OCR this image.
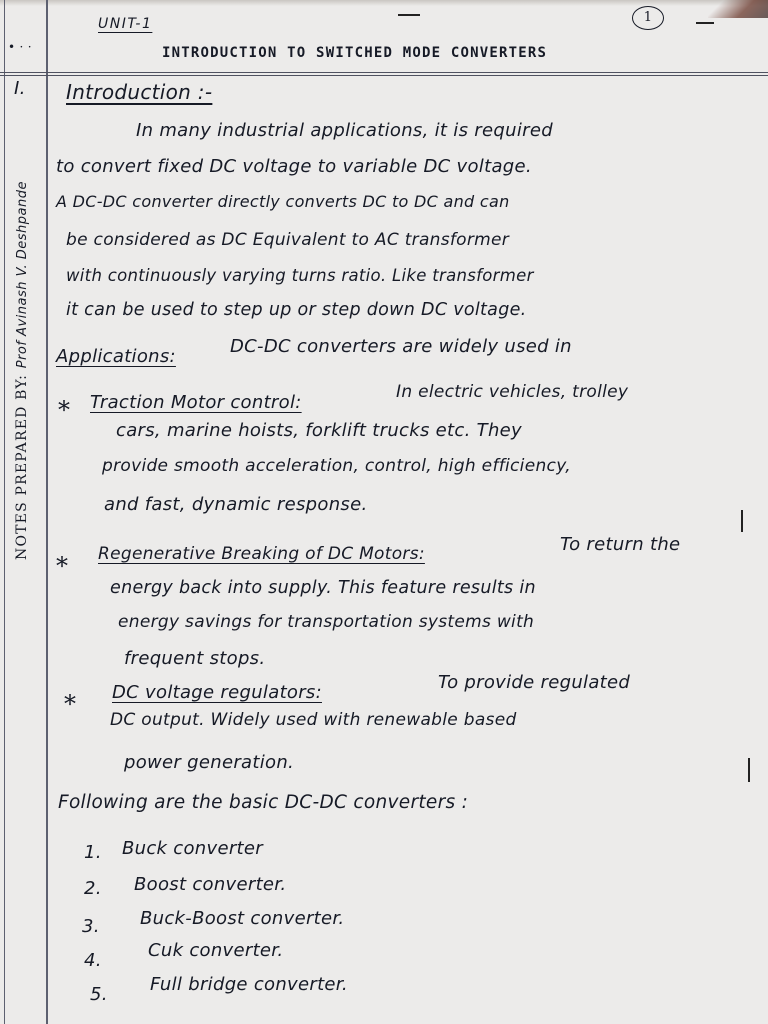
UNIT-1	1
INTRODUCTION TO SWITCHED MODE CONVERTERS
• · ·
I.
NOTES PREPARED BY: Prof Avinash V. Deshpande
Introduction :-
In many industrial applications, it is required
to convert fixed DC voltage to variable DC voltage.
A DC-DC converter directly converts DC to DC and can
be considered as DC Equivalent to AC transformer
with continuously varying turns ratio. Like transformer
it can be used to step up or step down DC voltage.
Applications:	DC-DC converters are widely used in
* Traction Motor control:	In electric vehicles, trolley
cars, marine hoists, forklift trucks etc. They
provide smooth acceleration, control, high efficiency,
and fast, dynamic response.
* Regenerative Breaking of DC Motors:	To return the
energy back into supply. This feature results in
energy savings for transportation systems with
frequent stops.
* DC voltage regulators:	To provide regulated
DC output. Widely used with renewable based
power generation.
Following are the basic DC-DC converters :
1. Buck converter
2. Boost converter.
3. Buck-Boost converter.
4.	Cuk converter.
5. Full bridge converter.
